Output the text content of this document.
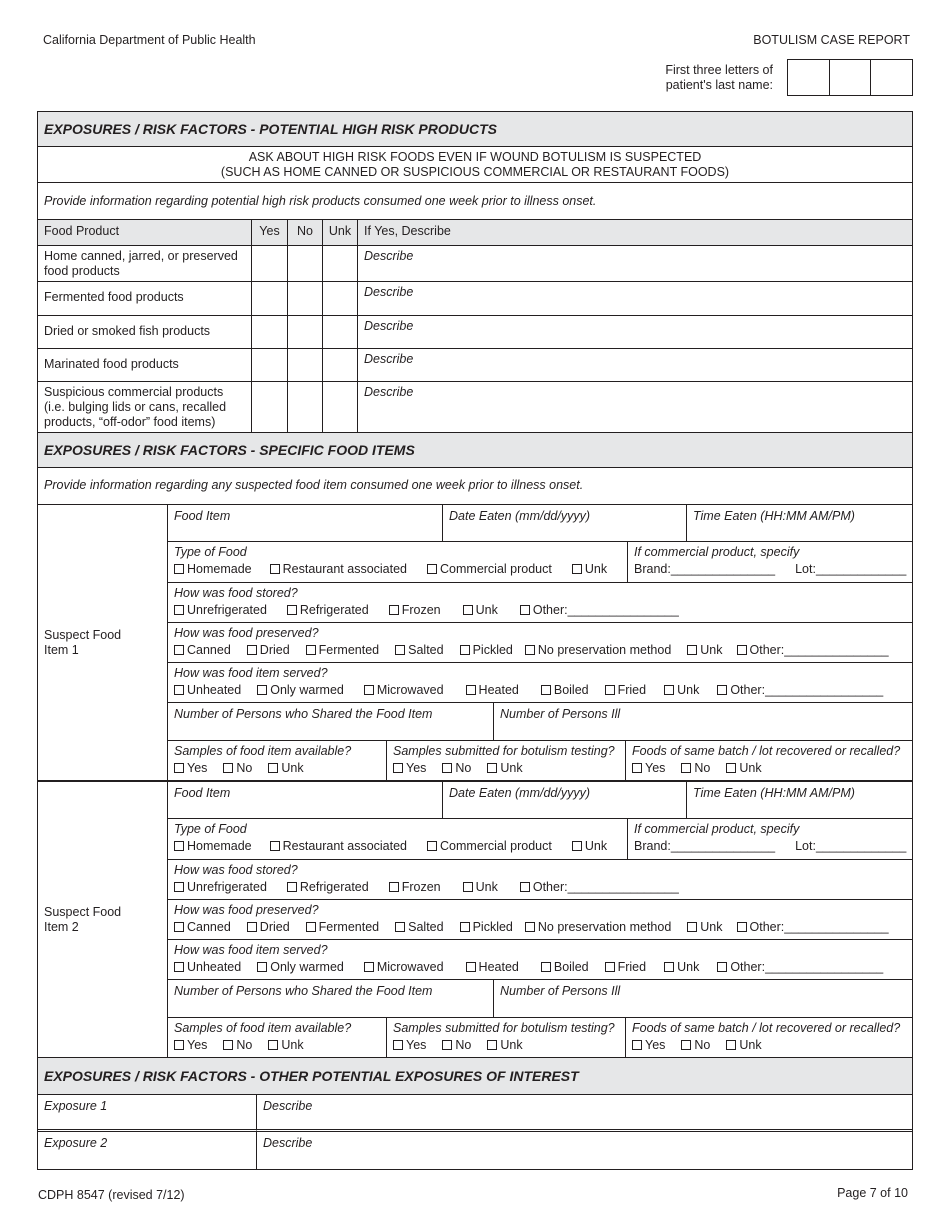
California Department of Public Health	BOTULISM CASE REPORT
First three letters of
patient's last name:
EXPOSURES / RISK FACTORS - POTENTIAL HIGH RISK PRODUCTS
ASK ABOUT HIGH RISK FOODS EVEN IF WOUND BOTULISM IS SUSPECTED
(SUCH AS HOME CANNED OR SUSPICIOUS COMMERCIAL OR RESTAURANT FOODS)
Provide information regarding potential high risk products consumed one week prior to illness onset.
Food Product	Yes	No	Unk	If Yes, Describe
Home canned, jarred, or preserved
food products
Describe
Fermented food products	Describe
Dried or smoked fish products	Describe
Marinated food products	Describe
Suspicious commercial products
(i.e. bulging lids or cans, recalled
products, “off-odor” food items)
Describe
EXPOSURES / RISK FACTORS - SPECIFIC FOOD ITEMS
Provide information regarding any suspected food item consumed one week prior to illness onset.
Suspect Food
Item 1
Food Item	Date Eaten (mm/dd/yyyy)	Time Eaten (HH:MM AM/PM)
Type of Food
Homemade Restaurant associated	Commercial product	Unk
If commercial product, specify
Brand:_______________ Lot:_____________
How was food stored?
Unrefrigerated	Refrigerated	Frozen	Unk	Other:________________
How was food preserved?
Canned Dried Fermented Salted Pickled No preservation method Unk Other:_______________
How was food item served?
Unheated Only warmed	Microwaved	Heated	Boiled Fried Unk Other:_________________
Number of Persons who Shared the Food Item	Number of Persons Ill
Samples of food item available?
Yes No Unk
Samples submitted for botulism testing?
Yes No Unk
Foods of same batch / lot recovered or recalled?
Yes No Unk
Suspect Food
Item 2
Food Item	Date Eaten (mm/dd/yyyy)	Time Eaten (HH:MM AM/PM)
Type of Food
Homemade Restaurant associated	Commercial product	Unk
If commercial product, specify
Brand:_______________ Lot:_____________
How was food stored?
Unrefrigerated	Refrigerated	Frozen	Unk	Other:________________
How was food preserved?
Canned Dried Fermented Salted Pickled No preservation method Unk Other:_______________
How was food item served?
Unheated Only warmed	Microwaved	Heated	Boiled Fried Unk Other:_________________
Number of Persons who Shared the Food Item	Number of Persons Ill
Samples of food item available?
Yes No Unk
Samples submitted for botulism testing?
Yes No Unk
Foods of same batch / lot recovered or recalled?
Yes No Unk
EXPOSURES / RISK FACTORS - OTHER POTENTIAL EXPOSURES OF INTEREST
Exposure 1	Describe
Exposure 2	Describe
CDPH 8547 (revised 7/12)	Page 7 of 10
